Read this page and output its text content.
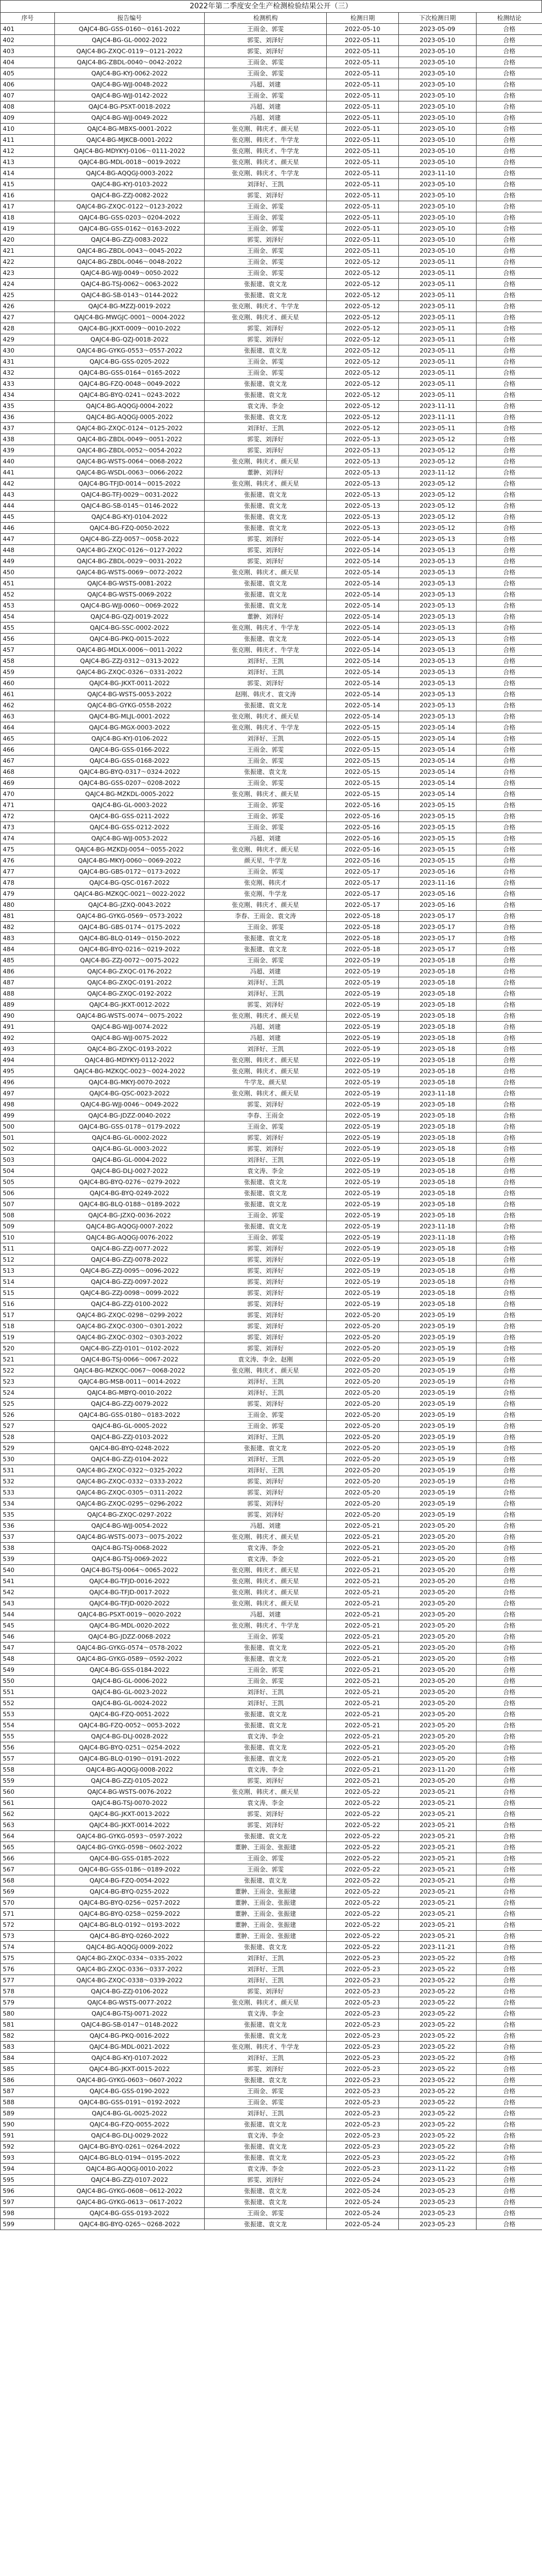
2022年第二季度安全生产检测检验结果公开（三）
序号	报告编号	检测机构	检测日期	下次检测日期	检测结论
401	QAJC4-BG-GSS-0160～0161-2022	王雨金、郭雯	2022-05-10	2023-05-09	合格
402	QAJC4-BG-GL-0002-2022	郭雯、刘泽好	2022-05-11	2023-05-10	合格
403	QAJC4-BG-ZXQC-0119～0121-2022	郭雯、刘泽好	2022-05-11	2023-05-10	合格
404	QAJC4-BG-ZBDL-0040～0042-2022	王雨金、郭雯	2022-05-11	2023-05-10	合格
405	QAJC4-BG-KYJ-0062-2022	王雨金、郭雯	2022-05-11	2023-05-10	合格
406	QAJC4-BG-WJJ-0048-2022	冯超、刘建	2022-05-11	2023-05-10	合格
407	QAJC4-BG-WJJ-0142-2022	王雨金、郭雯	2022-05-11	2023-05-10	合格
408	QAJC4-BG-PSXT-0018-2022	冯超、刘建	2022-05-11	2023-05-10	合格
409	QAJC4-BG-WJJ-0049-2022	冯超、刘建	2022-05-11	2023-05-10	合格
410	QAJC4-BG-MBXS-0001-2022	张克刚、韩庆才、颜天星	2022-05-11	2023-05-10	合格
411	QAJC4-BG-MJKCB-0001-2022	张克刚、韩庆才、牛学龙	2022-05-11	2023-05-10	合格
412	QAJC4-BG-MDYKYJ-0106～0111-2022	张克刚、韩庆才、牛学龙	2022-05-11	2023-05-10	合格
413	QAJC4-BG-MDL-0018～0019-2022	张克刚、韩庆才、颜天星	2022-05-11	2023-05-10	合格
414	QAJC4-BG-AQQGJ-0003-2022	张克刚、韩庆才、牛学龙	2022-05-11	2023-11-10	合格
415	QAJC4-BG-KYJ-0103-2022	刘泽好、王凯	2022-05-11	2023-05-10	合格
416	QAJC4-BG-ZZJ-0082-2022	郭雯、刘泽好	2022-05-11	2023-05-10	合格
417	QAJC4-BG-ZXQC-0122～0123-2022	王雨金、郭雯	2022-05-11	2023-05-10	合格
418	QAJC4-BG-GSS-0203～0204-2022	王雨金、郭雯	2022-05-11	2023-05-10	合格
419	QAJC4-BG-GSS-0162～0163-2022	王雨金、郭雯	2022-05-11	2023-05-10	合格
420	QAJC4-BG-ZZJ-0083-2022	郭雯、刘泽好	2022-05-11	2023-05-10	合格
421	QAJC4-BG-ZBDL-0043～0045-2022	王雨金、郭雯	2022-05-11	2023-05-10	合格
422	QAJC4-BG-ZBDL-0046～0048-2022	王雨金、郭雯	2022-05-12	2023-05-11	合格
423	QAJC4-BG-WJJ-0049～0050-2022	王雨金、郭雯	2022-05-12	2023-05-11	合格
424	QAJC4-BG-TSJ-0062～0063-2022	张振建、袁文龙	2022-05-12	2023-05-11	合格
425	QAJC4-BG-SB-0143～0144-2022	张振建、袁文龙	2022-05-12	2023-05-11	合格
426	QAJC4-BG-MZZJ-0019-2022	张克刚、韩庆才、牛学龙	2022-05-12	2023-05-11	合格
427	QAJC4-BG-MWGJC-0001～0004-2022	张克刚、韩庆才、颜天星	2022-05-12	2023-05-11	合格
428	QAJC4-BG-JKXT-0009～0010-2022	郭雯、刘泽好	2022-05-12	2023-05-11	合格
429	QAJC4-BG-QZJ-0018-2022	郭雯、刘泽好	2022-05-12	2023-05-11	合格
430	QAJC4-BG-GYKG-0553～0557-2022	张振建、袁文龙	2022-05-12	2023-05-11	合格
431	QAJC4-BG-GSS-0205-2022	王雨金、郭雯	2022-05-12	2023-05-11	合格
432	QAJC4-BG-GSS-0164～0165-2022	王雨金、郭雯	2022-05-12	2023-05-11	合格
433	QAJC4-BG-FZQ-0048～0049-2022	张振建、袁文龙	2022-05-12	2023-05-11	合格
434	QAJC4-BG-BYQ-0241～0243-2022	张振建、袁文龙	2022-05-12	2023-05-11	合格
435	QAJC4-BG-AQQGJ-0004-2022	袁文涛、李金	2022-05-12	2023-11-11	合格
436	QAJC4-BG-AQQGJ-0005-2022	张振建、袁文龙	2022-05-12	2023-11-11	合格
437	QAJC4-BG-ZXQC-0124～0125-2022	刘泽好、王凯	2022-05-12	2023-05-11	合格
438	QAJC4-BG-ZBDL-0049～0051-2022	郭雯、刘泽好	2022-05-13	2023-05-12	合格
439	QAJC4-BG-ZBDL-0052～0054-2022	郭雯、刘泽好	2022-05-13	2023-05-12	合格
440	QAJC4-BG-WSTS-0064～0068-2022	张克刚、韩庆才、颜天星	2022-05-13	2023-05-12	合格
441	QAJC4-BG-WSDL-0063～0066-2022	董翀、刘泽好	2022-05-13	2023-11-12	合格
442	QAJC4-BG-TFJD-0014～0015-2022	张克刚、韩庆才、颜天星	2022-05-13	2023-05-12	合格
443	QAJC4-BG-TFJ-0029～0031-2022	张振建、袁文龙	2022-05-13	2023-05-12	合格
444	QAJC4-BG-SB-0145～0146-2022	张振建、袁文龙	2022-05-13	2023-05-12	合格
445	QAJC4-BG-KYJ-0104-2022	张振建、袁文龙	2022-05-13	2023-05-12	合格
446	QAJC4-BG-FZQ-0050-2022	张振建、袁文龙	2022-05-13	2023-05-12	合格
447	QAJC4-BG-ZZJ-0057～0058-2022	郭雯、刘泽好	2022-05-14	2023-05-13	合格
448	QAJC4-BG-ZXQC-0126～0127-2022	郭雯、刘泽好	2022-05-14	2023-05-13	合格
449	QAJC4-BG-ZBDL-0029～0031-2022	郭雯、刘泽好	2022-05-14	2023-05-13	合格
450	QAJC4-BG-WSTS-0069～0072-2022	张克刚、韩庆才、颜天星	2022-05-14	2023-05-13	合格
451	QAJC4-BG-WSTS-0081-2022	张振建、袁文龙	2022-05-14	2023-05-13	合格
452	QAJC4-BG-WSTS-0069-2022	张振建、袁文龙	2022-05-14	2023-05-13	合格
453	QAJC4-BG-WJJ-0060～0069-2022	张振建、袁文龙	2022-05-14	2023-05-13	合格
454	QAJC4-BG-QZJ-0019-2022	董翀、刘泽好	2022-05-14	2023-05-13	合格
455	QAJC4-BG-SSC-0002-2022	张克刚、韩庆才、牛学龙	2022-05-14	2023-05-13	合格
456	QAJC4-BG-PKQ-0015-2022	张振建、袁文龙	2022-05-14	2023-05-13	合格
457	QAJC4-BG-MDLX-0006～0011-2022	张克刚、韩庆才、牛学龙	2022-05-14	2023-05-13	合格
458	QAJC4-BG-ZZJ-0312～0313-2022	刘泽好、王凯	2022-05-14	2023-05-13	合格
459	QAJC4-BG-ZXQC-0326～0331-2022	刘泽好、王凯	2022-05-14	2023-05-13	合格
460	QAJC4-BG-JKXT-0011-2022	郭雯、刘泽好	2022-05-14	2023-05-13	合格
461	QAJC4-BG-WSTS-0053-2022	赵刚、韩庆才、袁文涛	2022-05-14	2023-05-13	合格
462	QAJC4-BG-GYKG-0558-2022	张振建、袁文龙	2022-05-14	2023-05-13	合格
463	QAJC4-BG-MLJL-0001-2022	张克刚、韩庆才、颜天星	2022-05-14	2023-05-13	合格
464	QAJC4-BG-MGX-0003-2022	张克刚、韩庆才、牛学龙	2022-05-15	2023-05-14	合格
465	QAJC4-BG-KYJ-0106-2022	刘泽好、王凯	2022-05-15	2023-05-14	合格
466	QAJC4-BG-GSS-0166-2022	王雨金、郭雯	2022-05-15	2023-05-14	合格
467	QAJC4-BG-GSS-0168-2022	王雨金、郭雯	2022-05-15	2023-05-14	合格
468	QAJC4-BG-BYQ-0317～0324-2022	张振建、袁文龙	2022-05-15	2023-05-14	合格
469	QAJC4-BG-GSS-0207～0208-2022	王雨金、郭雯	2022-05-15	2023-05-14	合格
470	QAJC4-BG-MZKDL-0005-2022	张克刚、韩庆才、颜天星	2022-05-15	2023-05-14	合格
471	QAJC4-BG-GL-0003-2022	王雨金、郭雯	2022-05-16	2023-05-15	合格
472	QAJC4-BG-GSS-0211-2022	王雨金、郭雯	2022-05-16	2023-05-15	合格
473	QAJC4-BG-GSS-0212-2022	王雨金、郭雯	2022-05-16	2023-05-15	合格
474	QAJC4-BG-WJJ-0053-2022	冯超、刘建	2022-05-16	2023-05-15	合格
475	QAJC4-BG-MZKDJ-0054～0055-2022	张克刚、韩庆才、颜天星	2022-05-16	2023-05-15	合格
476	QAJC4-BG-MKYJ-0060～0069-2022	颜天星、牛学龙	2022-05-16	2023-05-15	合格
477	QAJC4-BG-GBS-0172～0173-2022	王雨金、郭雯	2022-05-17	2023-05-16	合格
478	QAJC4-BG-QSC-0167-2022	张克刚、韩庆才	2022-05-17	2023-11-16	合格
479	QAJC4-BG-MZKQC-0021～0022-2022	张克刚、牛学龙	2022-05-17	2023-05-16	合格
480	QAJC4-BG-JZXQ-0043-2022	张克刚、韩庆才、颜天星	2022-05-17	2023-05-16	合格
481	QAJC4-BG-GYKG-0569～0573-2022	李春、王雨金、袁文涛	2022-05-18	2023-05-17	合格
482	QAJC4-BG-GBS-0174～0175-2022	王雨金、郭雯	2022-05-18	2023-05-17	合格
483	QAJC4-BG-BLQ-0149～0150-2022	张振建、袁文龙	2022-05-18	2023-05-17	合格
484	QAJC4-BG-BYQ-0216～0219-2022	张振建、袁文龙	2022-05-18	2023-05-17	合格
485	QAJC4-BG-ZZJ-0072～0075-2022	王雨金、郭雯	2022-05-19	2023-05-18	合格
486	QAJC4-BG-ZXQC-0176-2022	冯超、刘建	2022-05-19	2023-05-18	合格
487	QAJC4-BG-ZXQC-0191-2022	刘泽好、王凯	2022-05-19	2023-05-18	合格
488	QAJC4-BG-ZXQC-0192-2022	刘泽好、王凯	2022-05-19	2023-05-18	合格
489	QAJC4-BG-JKXT-0012-2022	郭雯、刘泽好	2022-05-19	2023-05-18	合格
490	QAJC4-BG-WSTS-0074～0075-2022	张克刚、韩庆才、颜天星	2022-05-19	2023-05-18	合格
491	QAJC4-BG-WJJ-0074-2022	冯超、刘建	2022-05-19	2023-05-18	合格
492	QAJC4-BG-WJJ-0075-2022	冯超、刘建	2022-05-19	2023-05-18	合格
493	QAJC4-BG-ZXQC-0193-2022	刘泽好、王凯	2022-05-19	2023-05-18	合格
494	QAJC4-BG-MDYKYJ-0112-2022	张克刚、韩庆才、颜天星	2022-05-19	2023-05-18	合格
495	QAJC4-BG-MZKQC-0023～0024-2022	张克刚、韩庆才、颜天星	2022-05-19	2023-05-18	合格
496	QAJC4-BG-MKYJ-0070-2022	牛学龙、颜天星	2022-05-19	2023-05-18	合格
497	QAJC4-BG-QSC-0023-2022	张克刚、韩庆才、颜天星	2022-05-19	2023-11-18	合格
498	QAJC4-BG-WJJ-0046～0049-2022	郭雯、刘泽好	2022-05-19	2023-05-18	合格
499	QAJC4-BG-JDZZ-0040-2022	李春、王雨金	2022-05-19	2023-05-18	合格
500	QAJC4-BG-GSS-0178～0179-2022	王雨金、郭雯	2022-05-19	2023-05-18	合格
501	QAJC4-BG-GL-0002-2022	郭雯、刘泽好	2022-05-19	2023-05-18	合格
502	QAJC4-BG-GL-0003-2022	郭雯、刘泽好	2022-05-19	2023-05-18	合格
503	QAJC4-BG-GL-0004-2022	刘泽好、王凯	2022-05-19	2023-05-18	合格
504	QAJC4-BG-DLJ-0027-2022	袁文涛、李金	2022-05-19	2023-05-18	合格
505	QAJC4-BG-BYQ-0276～0279-2022	张振建、袁文龙	2022-05-19	2023-05-18	合格
506	QAJC4-BG-BYQ-0249-2022	张振建、袁文龙	2022-05-19	2023-05-18	合格
507	QAJC4-BG-BLQ-0188～0189-2022	张振建、袁文龙	2022-05-19	2023-05-18	合格
508	QAJC4-BG-JZXQ-0036-2022	王雨金、郭雯	2022-05-19	2023-05-18	合格
509	QAJC4-BG-AQQGJ-0007-2022	张振建、袁文龙	2022-05-19	2023-11-18	合格
510	QAJC4-BG-AQQGJ-0076-2022	王雨金、郭雯	2022-05-19	2023-11-18	合格
511	QAJC4-BG-ZZJ-0077-2022	郭雯、刘泽好	2022-05-19	2023-05-18	合格
512	QAJC4-BG-ZZJ-0078-2022	郭雯、刘泽好	2022-05-19	2023-05-18	合格
513	QAJC4-BG-ZZJ-0095～0096-2022	郭雯、刘泽好	2022-05-19	2023-05-18	合格
514	QAJC4-BG-ZZJ-0097-2022	郭雯、刘泽好	2022-05-19	2023-05-18	合格
515	QAJC4-BG-ZZJ-0098～0099-2022	郭雯、刘泽好	2022-05-19	2023-05-18	合格
516	QAJC4-BG-ZZJ-0100-2022	郭雯、刘泽好	2022-05-19	2023-05-18	合格
517	QAJC4-BG-ZXQC-0298～0299-2022	郭雯、刘泽好	2022-05-20	2023-05-19	合格
518	QAJC4-BG-ZXQC-0300～0301-2022	郭雯、刘泽好	2022-05-20	2023-05-19	合格
519	QAJC4-BG-ZXQC-0302～0303-2022	郭雯、刘泽好	2022-05-20	2023-05-19	合格
520	QAJC4-BG-ZZJ-0101～0102-2022	郭雯、刘泽好	2022-05-20	2023-05-19	合格
521	QAJC4-BG-TSJ-0066～0067-2022	袁文涛、李金、赵刚	2022-05-20	2023-05-19	合格
522	QAJC4-BG-MZKQC-0067～0068-2022	张克刚、韩庆才、颜天星	2022-05-20	2023-05-19	合格
523	QAJC4-BG-MSB-0011～0014-2022	刘泽好、王凯	2022-05-20	2023-05-19	合格
524	QAJC4-BG-MBYQ-0010-2022	刘泽好、王凯	2022-05-20	2023-05-19	合格
525	QAJC4-BG-ZZJ-0079-2022	郭雯、刘泽好	2022-05-20	2023-05-19	合格
526	QAJC4-BG-GSS-0180～0183-2022	王雨金、郭雯	2022-05-20	2023-05-19	合格
527	QAJC4-BG-GL-0005-2022	王雨金、郭雯	2022-05-20	2023-05-19	合格
528	QAJC4-BG-ZZJ-0103-2022	刘泽好、王凯	2022-05-20	2023-05-19	合格
529	QAJC4-BG-BYQ-0248-2022	张振建、袁文龙	2022-05-20	2023-05-19	合格
530	QAJC4-BG-ZZJ-0104-2022	刘泽好、王凯	2022-05-20	2023-05-19	合格
531	QAJC4-BG-ZXQC-0322～0325-2022	刘泽好、王凯	2022-05-20	2023-05-19	合格
532	QAJC4-BG-ZXQC-0332～0333-2022	郭雯、刘泽好	2022-05-20	2023-05-19	合格
533	QAJC4-BG-ZXQC-0305～0311-2022	郭雯、刘泽好	2022-05-20	2023-05-19	合格
534	QAJC4-BG-ZXQC-0295～0296-2022	郭雯、刘泽好	2022-05-20	2023-05-19	合格
535	QAJC4-BG-ZXQC-0297-2022	郭雯、刘泽好	2022-05-20	2023-05-19	合格
536	QAJC4-BG-WJJ-0054-2022	冯超、刘建	2022-05-21	2023-05-20	合格
537	QAJC4-BG-WSTS-0073～0075-2022	张克刚、韩庆才、颜天星	2022-05-21	2023-05-20	合格
538	QAJC4-BG-TSJ-0068-2022	袁文涛、李金	2022-05-21	2023-05-20	合格
539	QAJC4-BG-TSJ-0069-2022	袁文涛、李金	2022-05-21	2023-05-20	合格
540	QAJC4-BG-TSJ-0064～0065-2022	张克刚、韩庆才、颜天星	2022-05-21	2023-05-20	合格
541	QAJC4-BG-TFJD-0016-2022	张克刚、韩庆才、颜天星	2022-05-21	2023-05-20	合格
542	QAJC4-BG-TFJD-0017-2022	张克刚、韩庆才、颜天星	2022-05-21	2023-05-20	合格
543	QAJC4-BG-TFJD-0020-2022	张克刚、韩庆才、颜天星	2022-05-21	2023-05-20	合格
544	QAJC4-BG-PSXT-0019～0020-2022	冯超、刘建	2022-05-21	2023-05-20	合格
545	QAJC4-BG-MDL-0020-2022	张克刚、韩庆才、牛学龙	2022-05-21	2023-05-20	合格
546	QAJC4-BG-JDZZ-0068-2022	王雨金、郭雯	2022-05-21	2023-05-20	合格
547	QAJC4-BG-GYKG-0574～0578-2022	张振建、袁文龙	2022-05-21	2023-05-20	合格
548	QAJC4-BG-GYKG-0589～0592-2022	张振建、袁文龙	2022-05-21	2023-05-20	合格
549	QAJC4-BG-GSS-0184-2022	王雨金、郭雯	2022-05-21	2023-05-20	合格
550	QAJC4-BG-GL-0006-2022	王雨金、郭雯	2022-05-21	2023-05-20	合格
551	QAJC4-BG-GL-0023-2022	刘泽好、王凯	2022-05-21	2023-05-20	合格
552	QAJC4-BG-GL-0024-2022	刘泽好、王凯	2022-05-21	2023-05-20	合格
553	QAJC4-BG-FZQ-0051-2022	张振建、袁文龙	2022-05-21	2023-05-20	合格
554	QAJC4-BG-FZQ-0052～0053-2022	张振建、袁文龙	2022-05-21	2023-05-20	合格
555	QAJC4-BG-DLJ-0028-2022	袁文涛、李金	2022-05-21	2023-05-20	合格
556	QAJC4-BG-BYQ-0251～0254-2022	张振建、袁文龙	2022-05-21	2023-05-20	合格
557	QAJC4-BG-BLQ-0190～0191-2022	张振建、袁文龙	2022-05-21	2023-05-20	合格
558	QAJC4-BG-AQQGJ-0008-2022	袁文涛、李金	2022-05-21	2023-11-20	合格
559	QAJC4-BG-ZZJ-0105-2022	郭雯、刘泽好	2022-05-21	2023-05-20	合格
560	QAJC4-BG-WSTS-0076-2022	张克刚、韩庆才、颜天星	2022-05-22	2023-05-21	合格
561	QAJC4-BG-TSJ-0070-2022	袁文涛、李金	2022-05-22	2023-05-21	合格
562	QAJC4-BG-JKXT-0013-2022	郭雯、刘泽好	2022-05-22	2023-05-21	合格
563	QAJC4-BG-JKXT-0014-2022	郭雯、刘泽好	2022-05-22	2023-05-21	合格
564	QAJC4-BG-GYKG-0593～0597-2022	张振建、袁文龙	2022-05-22	2023-05-21	合格
565	QAJC4-BG-GYKG-0598～0602-2022	董翀、王雨金、张振建	2022-05-22	2023-05-21	合格
566	QAJC4-BG-GSS-0185-2022	王雨金、郭雯	2022-05-22	2023-05-21	合格
567	QAJC4-BG-GSS-0186～0189-2022	王雨金、郭雯	2022-05-22	2023-05-21	合格
568	QAJC4-BG-FZQ-0054-2022	张振建、袁文龙	2022-05-22	2023-05-21	合格
569	QAJC4-BG-BYQ-0255-2022	董翀、王雨金、张振建	2022-05-22	2023-05-21	合格
570	QAJC4-BG-BYQ-0256～0257-2022	董翀、王雨金、张振建	2022-05-22	2023-05-21	合格
571	QAJC4-BG-BYQ-0258～0259-2022	董翀、王雨金、张振建	2022-05-22	2023-05-21	合格
572	QAJC4-BG-BLQ-0192～0193-2022	董翀、王雨金、张振建	2022-05-22	2023-05-21	合格
573	QAJC4-BG-BYQ-0260-2022	董翀、王雨金、张振建	2022-05-22	2023-05-21	合格
574	QAJC4-BG-AQQGJ-0009-2022	张振建、袁文龙	2022-05-22	2023-11-21	合格
575	QAJC4-BG-ZXQC-0334～0335-2022	刘泽好、王凯	2022-05-23	2023-05-22	合格
576	QAJC4-BG-ZXQC-0336～0337-2022	刘泽好、王凯	2022-05-23	2023-05-22	合格
577	QAJC4-BG-ZXQC-0338～0339-2022	刘泽好、王凯	2022-05-23	2023-05-22	合格
578	QAJC4-BG-ZZJ-0106-2022	郭雯、刘泽好	2022-05-23	2023-05-22	合格
579	QAJC4-BG-WSTS-0077-2022	张克刚、韩庆才、颜天星	2022-05-23	2023-05-22	合格
580	QAJC4-BG-TSJ-0071-2022	袁文涛、李金	2022-05-23	2023-05-22	合格
581	QAJC4-BG-SB-0147～0148-2022	张振建、袁文龙	2022-05-23	2023-05-22	合格
582	QAJC4-BG-PKQ-0016-2022	张振建、袁文龙	2022-05-23	2023-05-22	合格
583	QAJC4-BG-MDL-0021-2022	张克刚、韩庆才、牛学龙	2022-05-23	2023-05-22	合格
584	QAJC4-BG-KYJ-0107-2022	刘泽好、王凯	2022-05-23	2023-05-22	合格
585	QAJC4-BG-JKXT-0015-2022	郭雯、刘泽好	2022-05-23	2023-05-22	合格
586	QAJC4-BG-GYKG-0603～0607-2022	张振建、袁文龙	2022-05-23	2023-05-22	合格
587	QAJC4-BG-GSS-0190-2022	王雨金、郭雯	2022-05-23	2023-05-22	合格
588	QAJC4-BG-GSS-0191～0192-2022	王雨金、郭雯	2022-05-23	2023-05-22	合格
589	QAJC4-BG-GL-0025-2022	刘泽好、王凯	2022-05-23	2023-05-22	合格
590	QAJC4-BG-FZQ-0055-2022	张振建、袁文龙	2022-05-23	2023-05-22	合格
591	QAJC4-BG-DLJ-0029-2022	袁文涛、李金	2022-05-23	2023-05-22	合格
592	QAJC4-BG-BYQ-0261～0264-2022	张振建、袁文龙	2022-05-23	2023-05-22	合格
593	QAJC4-BG-BLQ-0194～0195-2022	张振建、袁文龙	2022-05-23	2023-05-22	合格
594	QAJC4-BG-AQQGJ-0010-2022	袁文涛、李金	2022-05-23	2023-11-22	合格
595	QAJC4-BG-ZZJ-0107-2022	郭雯、刘泽好	2022-05-24	2023-05-23	合格
596	QAJC4-BG-GYKG-0608～0612-2022	张振建、袁文龙	2022-05-24	2023-05-23	合格
597	QAJC4-BG-GYKG-0613～0617-2022	张振建、袁文龙	2022-05-24	2023-05-23	合格
598	QAJC4-BG-GSS-0193-2022	王雨金、郭雯	2022-05-24	2023-05-23	合格
599	QAJC4-BG-BYQ-0265～0268-2022	张振建、袁文龙	2022-05-24	2023-05-23	合格
